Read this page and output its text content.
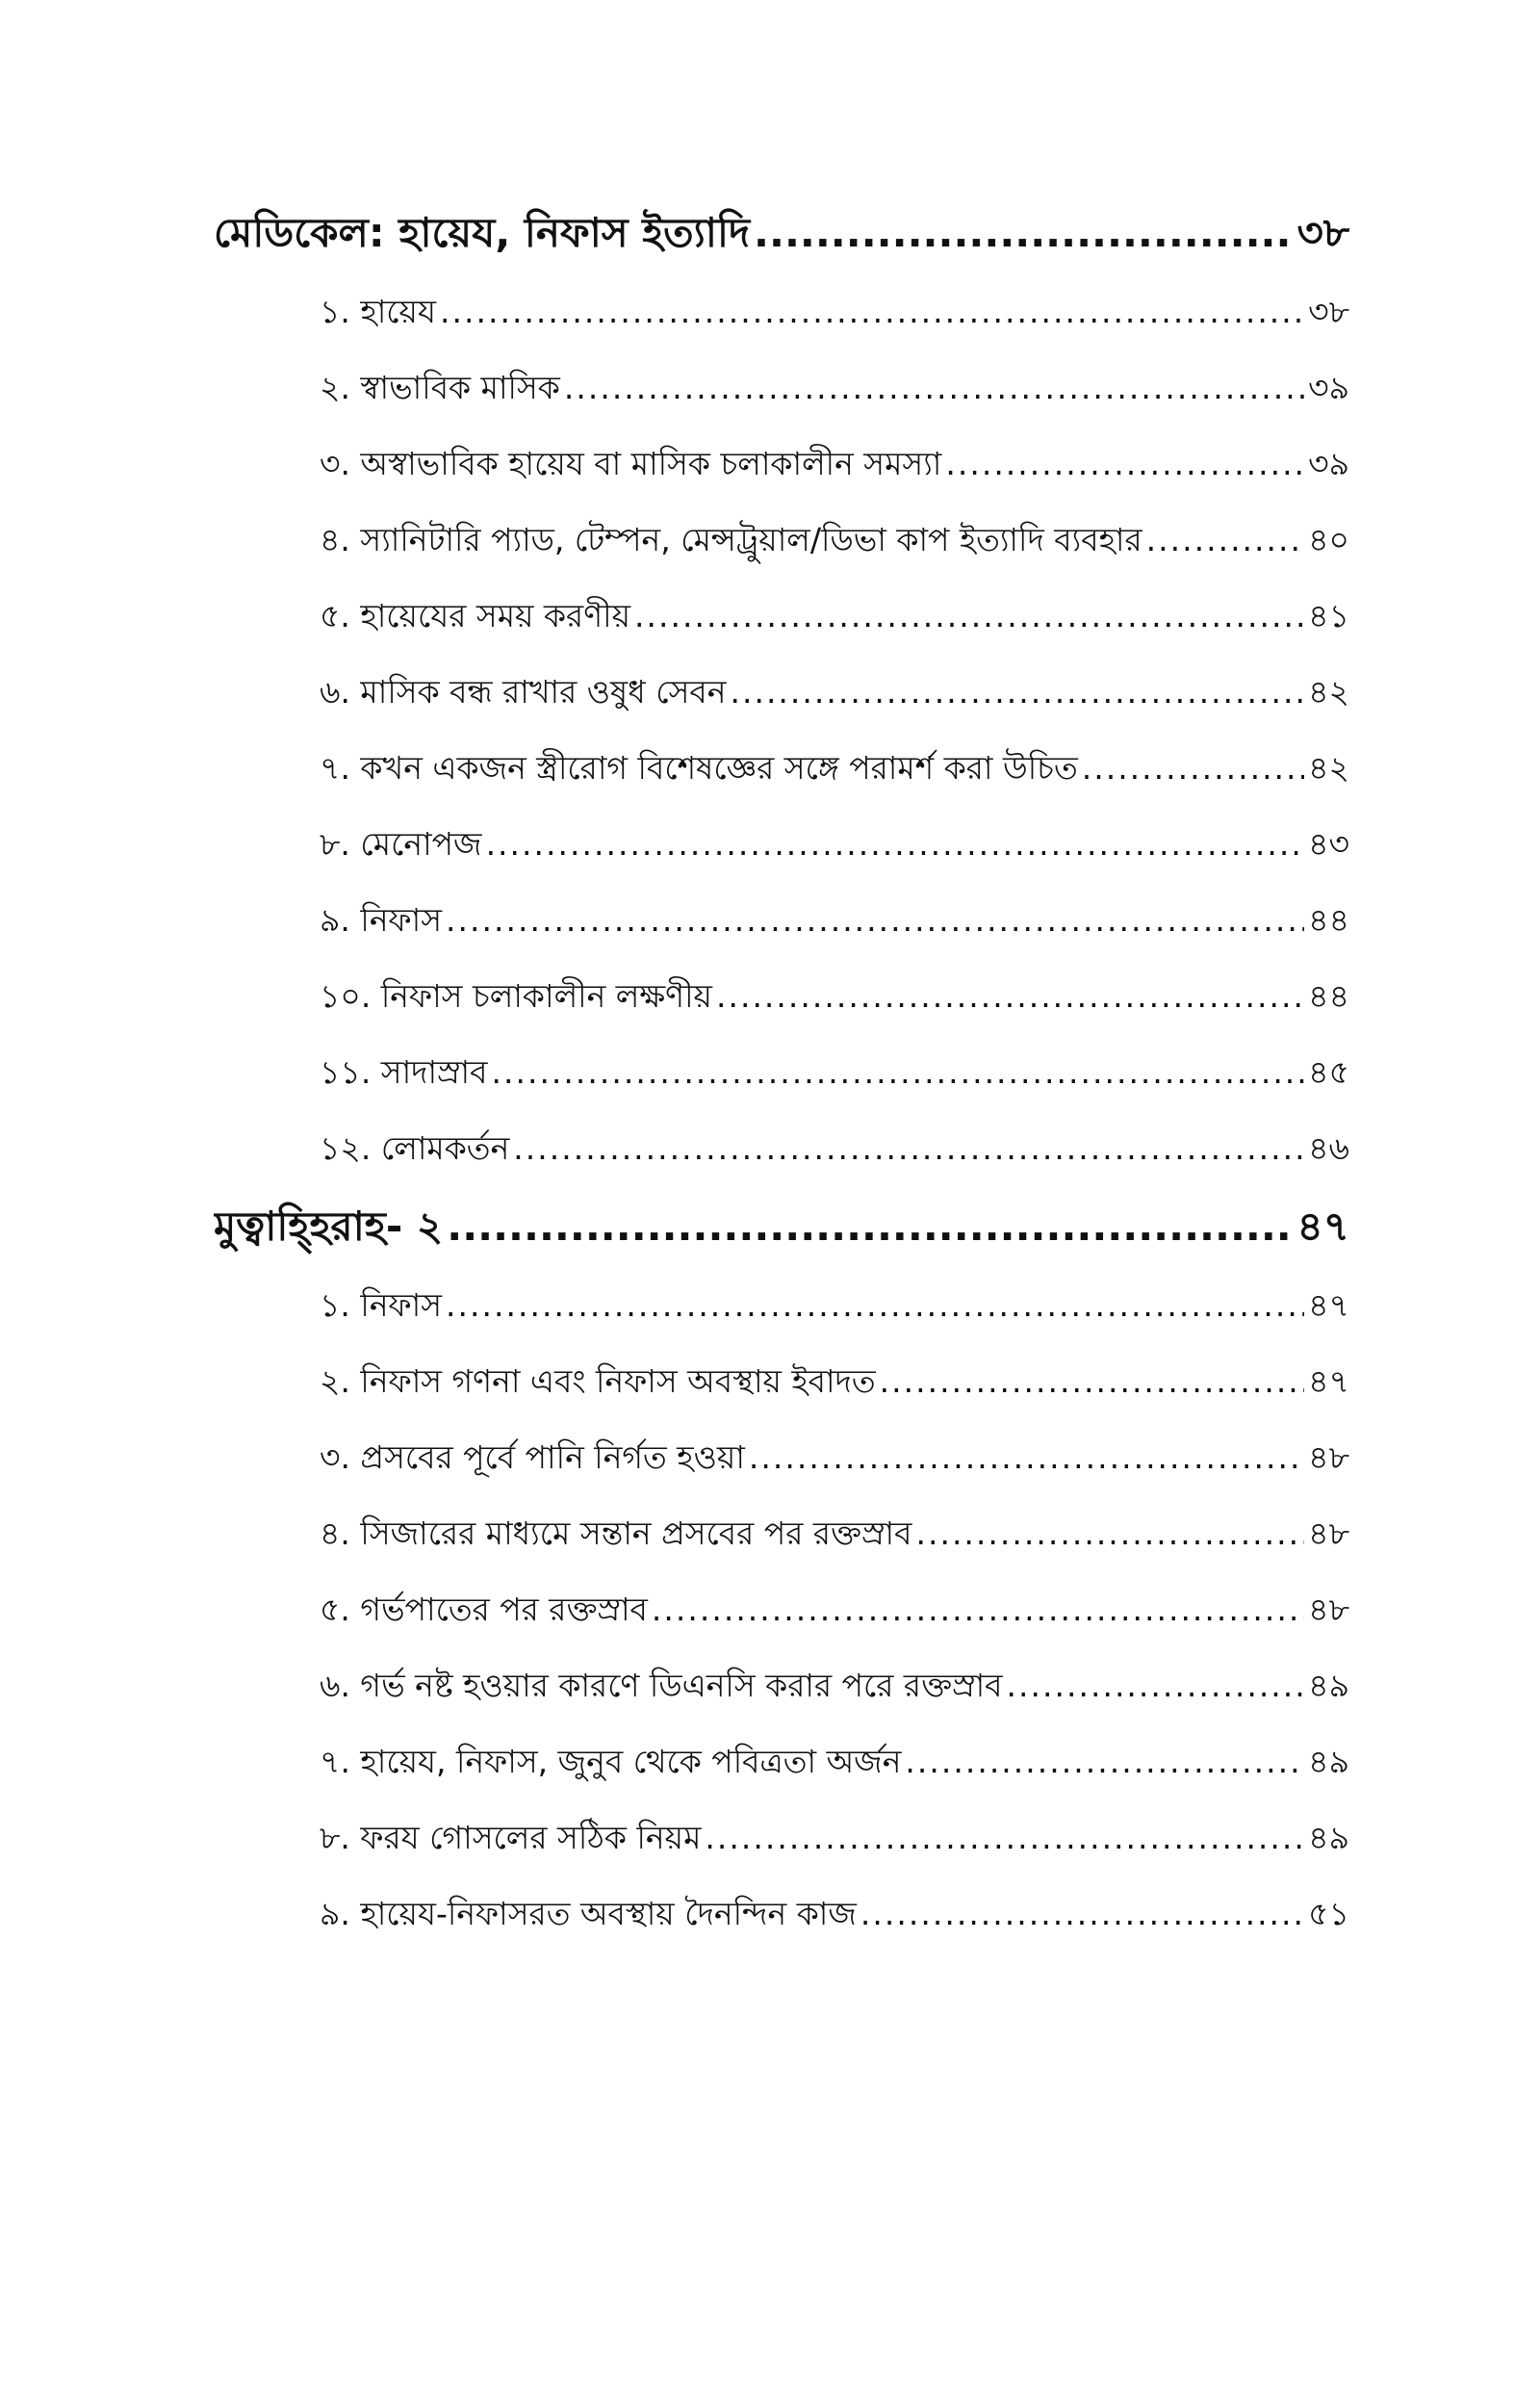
মেডিকেল: হায়েয, নিফাস ইত্যাদি .....	৩৮
১. হায়েয .....	৩৮
২. স্বাভাবিক মাসিক .....	৩৯
৩. অস্বাভাবিক হায়েয বা মাসিক চলাকালীন সমস্যা .....	৩৯
৪. স্যানিটারি প্যাড, টেম্পন, মেন্সট্রুয়াল/ডিভা কাপ ইত্যাদি ব্যবহার .....	৪০
৫. হায়েযের সময় করণীয় .....	৪১
৬. মাসিক বন্ধ রাখার ওষুধ সেবন .....	৪২
৭. কখন একজন স্ত্রীরোগ বিশেষজ্ঞের সঙ্গে পরামর্শ করা উচিত .....	৪২
৮. মেনোপজ .....	৪৩
৯. নিফাস .....	৪৪
১০. নিফাস চলাকালীন লক্ষণীয় .....	৪৪
১১. সাদাস্রাব .....	৪৫
১২. লোমকর্তন .....	৪৬
মুত্বাহ্হিরাহ- ২ .....	৪৭
১. নিফাস .....	৪৭
২. নিফাস গণনা এবং নিফাস অবস্থায় ইবাদত .....	৪৭
৩. প্রসবের পূর্বে পানি নির্গত হওয়া .....	৪৮
৪. সিজারের মাধ্যমে সন্তান প্রসবের পর রক্তস্রাব .....	৪৮
৫. গর্ভপাতের পর রক্তস্রাব .....	৪৮
৬. গর্ভ নষ্ট হওয়ার কারণে ডিএনসি করার পরে রক্তস্রাব .....	৪৯
৭. হায়েয, নিফাস, জুনুব থেকে পবিত্রতা অর্জন .....	৪৯
৮. ফরয গোসলের সঠিক নিয়ম .....	৪৯
৯. হায়েয-নিফাসরত অবস্থায় দৈনন্দিন কাজ .....	৫১
